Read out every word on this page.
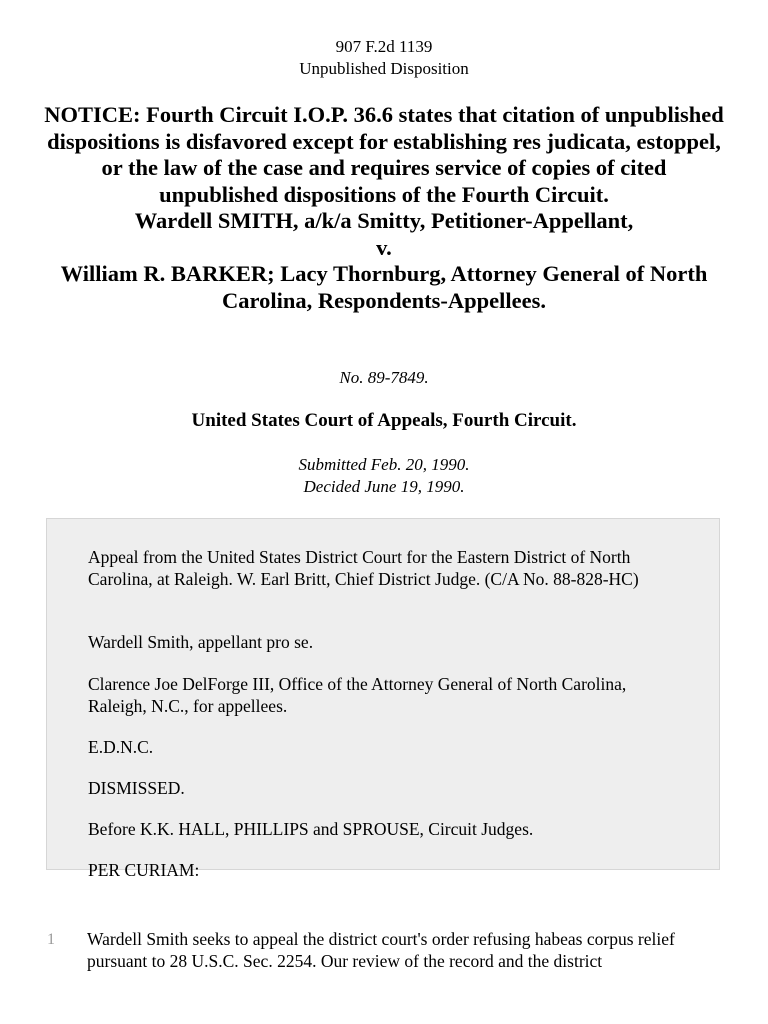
907 F.2d 1139
Unpublished Disposition
NOTICE: Fourth Circuit I.O.P. 36.6 states that citation of unpublished dispositions is disfavored except for establishing res judicata, estoppel, or the law of the case and requires service of copies of cited unpublished dispositions of the Fourth Circuit.
Wardell SMITH, a/k/a Smitty, Petitioner-Appellant,
v.
William R. BARKER; Lacy Thornburg, Attorney General of North Carolina, Respondents-Appellees.
No. 89-7849.
United States Court of Appeals, Fourth Circuit.
Submitted Feb. 20, 1990.
Decided June 19, 1990.
Appeal from the United States District Court for the Eastern District of North Carolina, at Raleigh. W. Earl Britt, Chief District Judge. (C/A No. 88-828-HC)
Wardell Smith, appellant pro se.
Clarence Joe DelForge III, Office of the Attorney General of North Carolina, Raleigh, N.C., for appellees.
E.D.N.C.
DISMISSED.
Before K.K. HALL, PHILLIPS and SPROUSE, Circuit Judges.
PER CURIAM:
1 Wardell Smith seeks to appeal the district court's order refusing habeas corpus relief pursuant to 28 U.S.C. Sec. 2254. Our review of the record and the district
